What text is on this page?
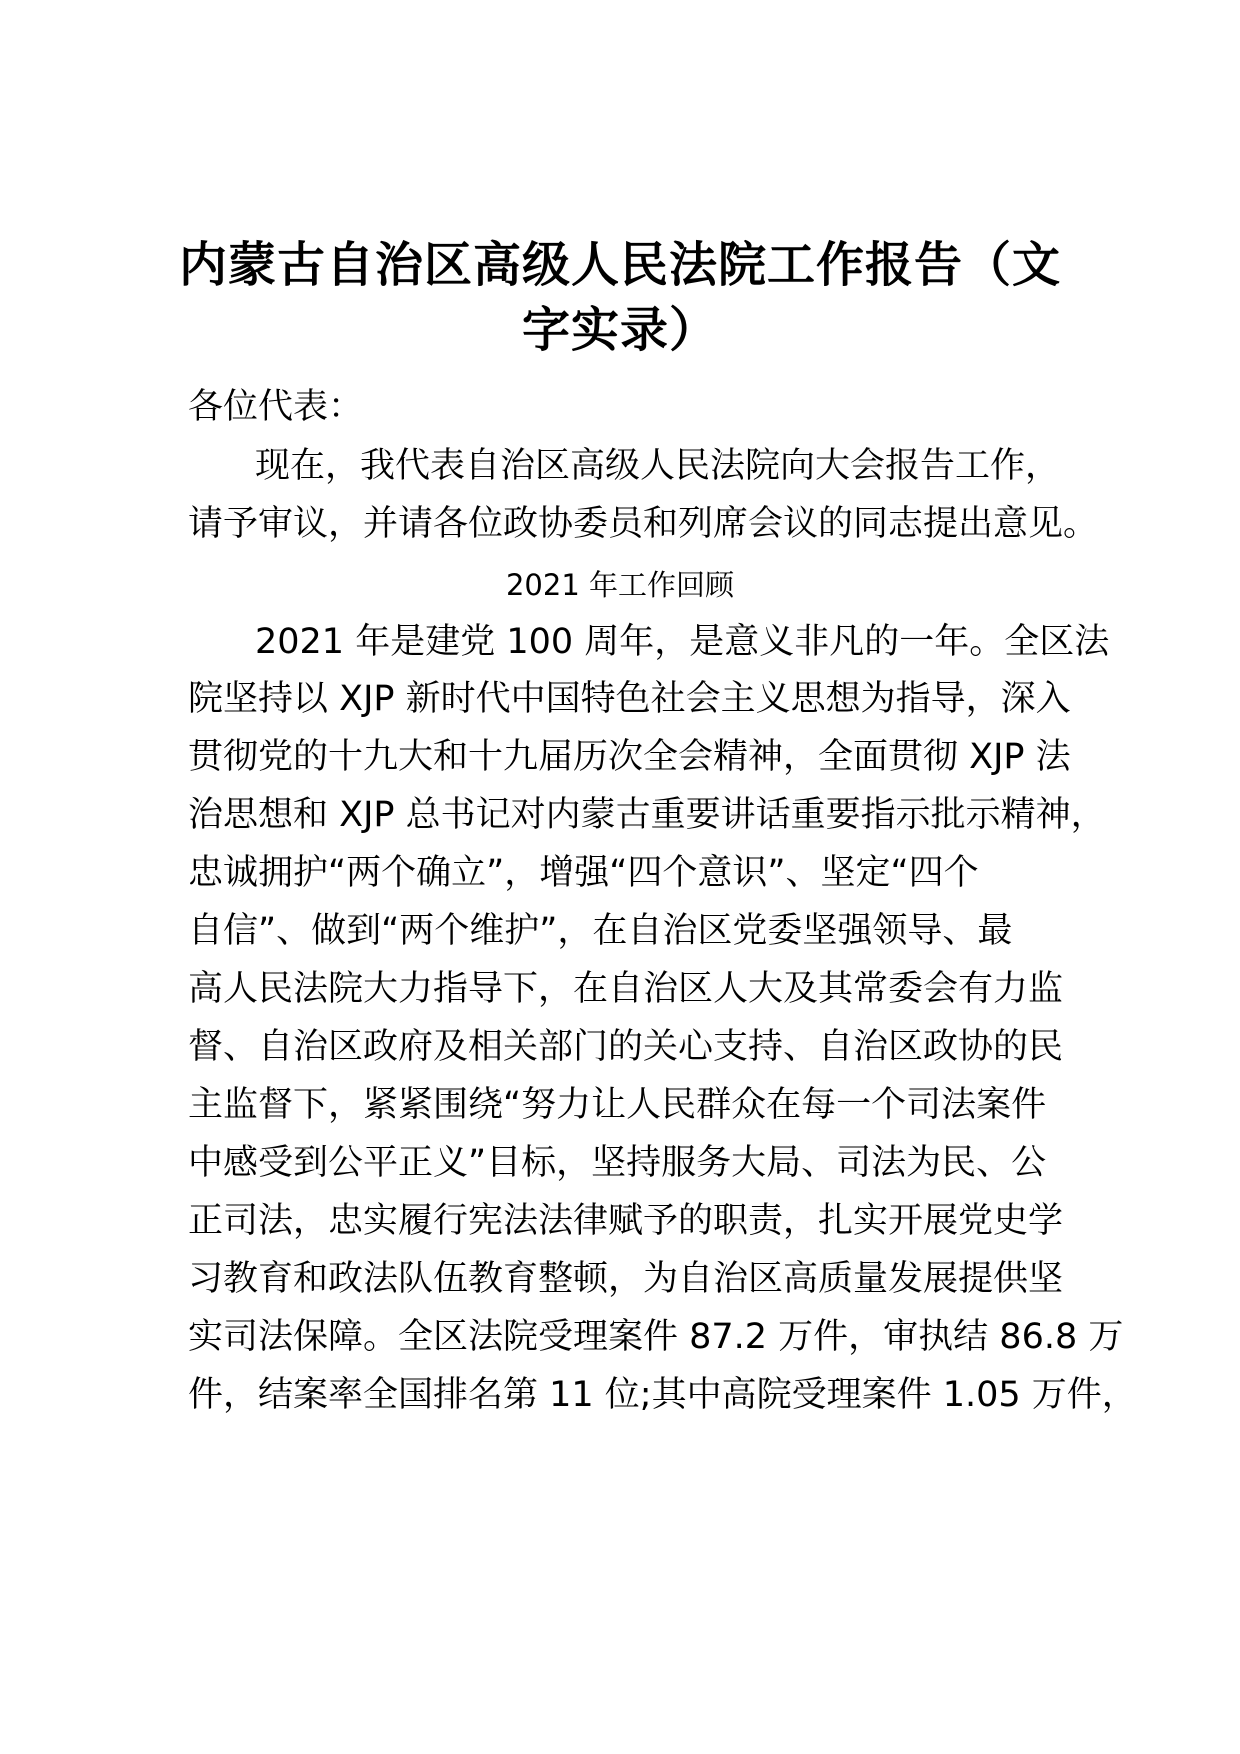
内蒙古自治区高级人民法院工作报告（文
字实录）
各位代表：
现在，我代表自治区高级人民法院向大会报告工作，
请予审议，并请各位政协委员和列席会议的同志提出意见。
2021 年工作回顾
2021 年是建党 100 周年，是意义非凡的一年。全区法
院坚持以 XJP 新时代中国特色社会主义思想为指导，深入
贯彻党的十九大和十九届历次全会精神，全面贯彻 XJP 法
治思想和 XJP 总书记对内蒙古重要讲话重要指示批示精神，
忠诚拥护“两个确立”，增强“四个意识”、坚定“四个
自信”、做到“两个维护”，在自治区党委坚强领导、最
高人民法院大力指导下，在自治区人大及其常委会有力监
督、自治区政府及相关部门的关心支持、自治区政协的民
主监督下，紧紧围绕“努力让人民群众在每一个司法案件
中感受到公平正义”目标，坚持服务大局、司法为民、公
正司法，忠实履行宪法法律赋予的职责，扎实开展党史学
习教育和政法队伍教育整顿，为自治区高质量发展提供坚
实司法保障。全区法院受理案件 87.2 万件，审执结 86.8 万
件，结案率全国排名第 11 位;其中高院受理案件 1.05 万件，
